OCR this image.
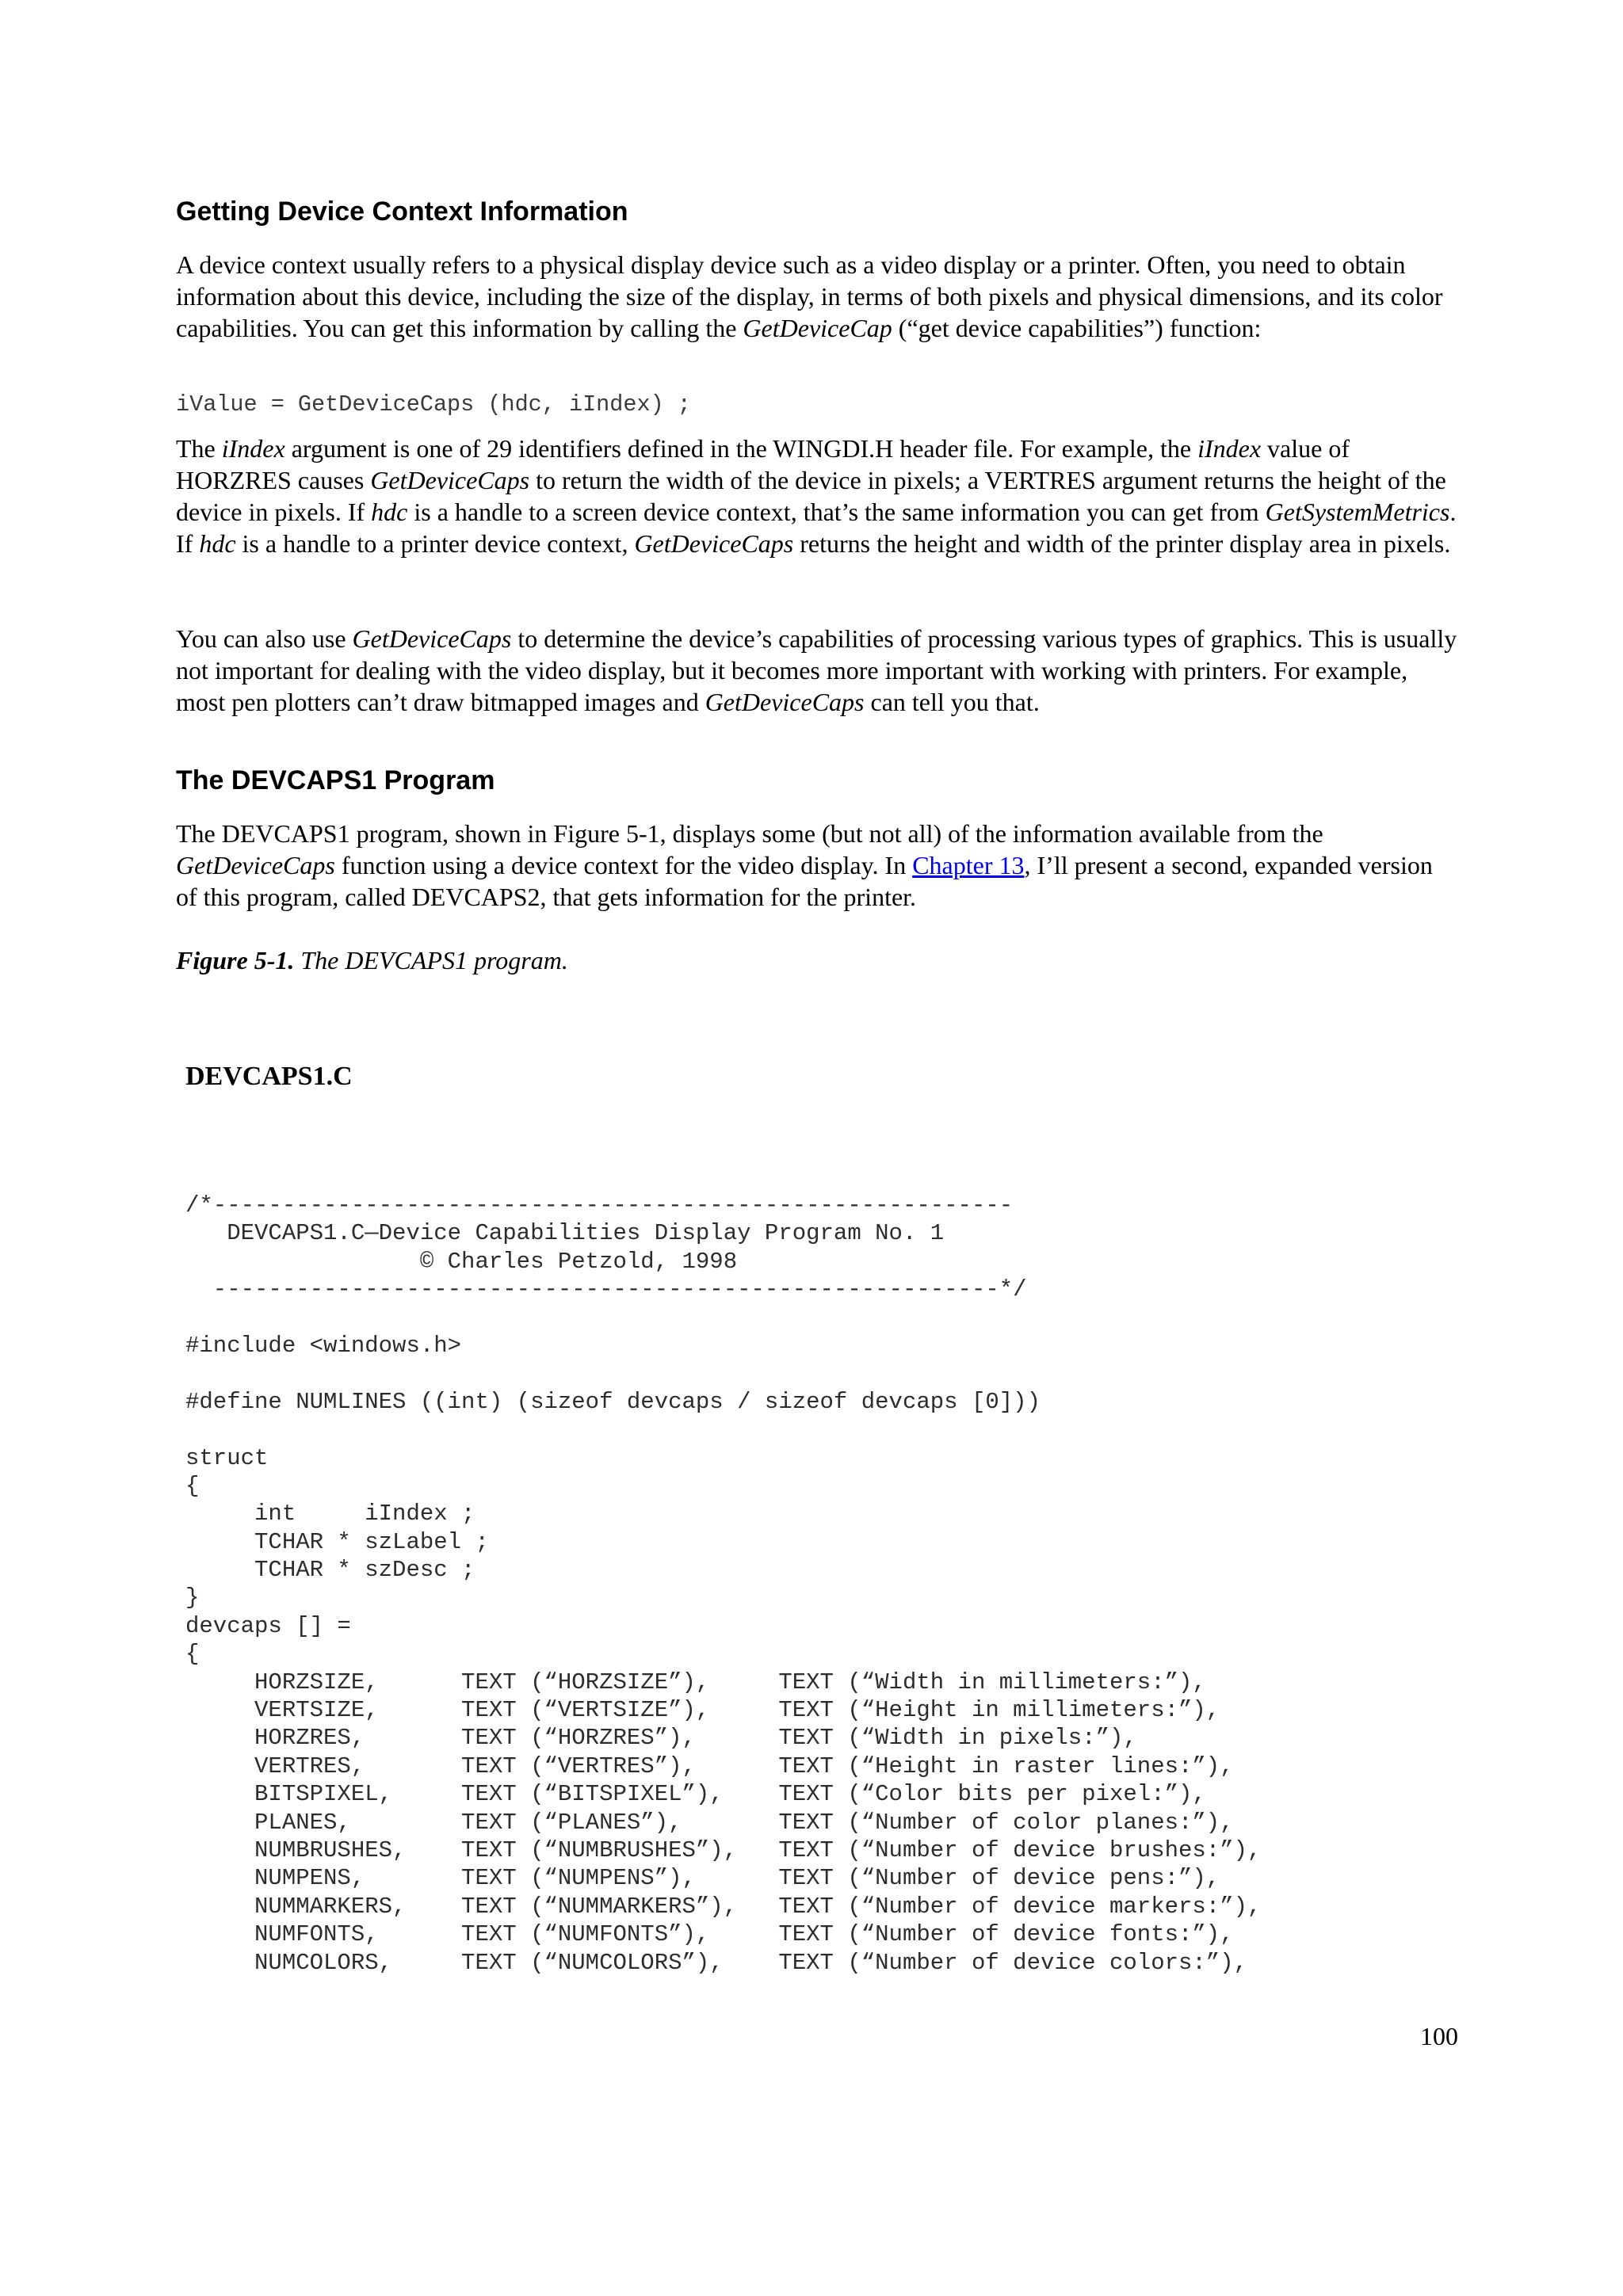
Getting Device Context Information

A device context usually refers to a physical display device such as a video display or a printer. Often, you need to obtain information about this device, including the size of the display, in terms of both pixels and physical dimensions, and its color capabilities. You can get this information by calling the GetDeviceCap (“get device capabilities”) function:

iValue = GetDeviceCaps (hdc, iIndex) ;

The iIndex argument is one of 29 identifiers defined in the WINGDI.H header file. For example, the iIndex value of HORZRES causes GetDeviceCaps to return the width of the device in pixels; a VERTRES argument returns the height of the device in pixels. If hdc is a handle to a screen device context, that’s the same information you can get from GetSystemMetrics. If hdc is a handle to a printer device context, GetDeviceCaps returns the height and width of the printer display area in pixels.

You can also use GetDeviceCaps to determine the device’s capabilities of processing various types of graphics. This is usually not important for dealing with the video display, but it becomes more important with working with printers. For example, most pen plotters can’t draw bitmapped images and GetDeviceCaps can tell you that.

The DEVCAPS1 Program

The DEVCAPS1 program, shown in Figure 5-1, displays some (but not all) of the information available from the GetDeviceCaps function using a device context for the video display. In Chapter 13, I’ll present a second, expanded version of this program, called DEVCAPS2, that gets information for the printer.

Figure 5-1. The DEVCAPS1 program.

DEVCAPS1.C
/*----------------------------------------------------------
DEVCAPS1.C—Device Capabilities Display Program No. 1
© Charles Petzold, 1998
---------------------------------------------------------*/
#include <windows.h>
#define NUMLINES ((int) (sizeof devcaps / sizeof devcaps [0]))
struct
{
int     iIndex ;
TCHAR * szLabel ;
TCHAR * szDesc ;
}
devcaps [] =
{
HORZSIZE,      TEXT (“HORZSIZE”),     TEXT (“Width in millimeters:”),
VERTSIZE,      TEXT (“VERTSIZE”),     TEXT (“Height in millimeters:”),
HORZRES,       TEXT (“HORZRES”),      TEXT (“Width in pixels:”),
VERTRES,       TEXT (“VERTRES”),      TEXT (“Height in raster lines:”),
BITSPIXEL,     TEXT (“BITSPIXEL”),    TEXT (“Color bits per pixel:”),
PLANES,        TEXT (“PLANES”),       TEXT (“Number of color planes:”),
NUMBRUSHES,    TEXT (“NUMBRUSHES”),   TEXT (“Number of device brushes:”),
NUMPENS,       TEXT (“NUMPENS”),      TEXT (“Number of device pens:”),
NUMMARKERS,    TEXT (“NUMMARKERS”),   TEXT (“Number of device markers:”),
NUMFONTS,      TEXT (“NUMFONTS”),     TEXT (“Number of device fonts:”),
NUMCOLORS,     TEXT (“NUMCOLORS”),    TEXT (“Number of device colors:”),
100
